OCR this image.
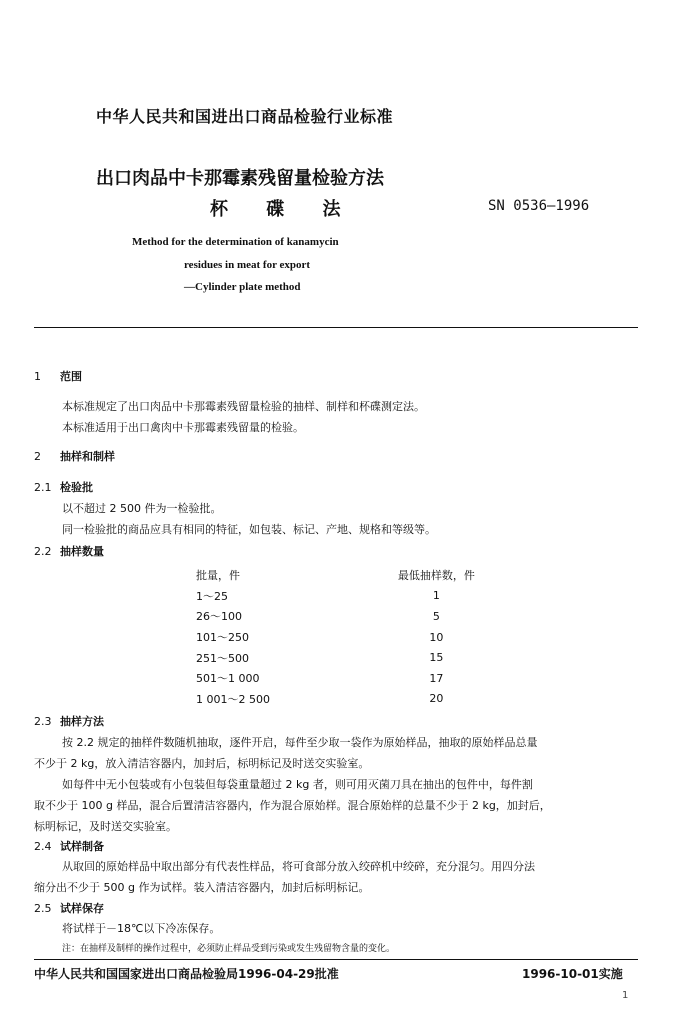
中华人民共和国进出口商品检验行业标准
出口肉品中卡那霉素残留量检验方法
杯 碟 法	SN 0536—1996
Method for the determination of kanamycin
residues in meat for export
—Cylinder plate method
1 范围
本标准规定了出口肉品中卡那霉素残留量检验的抽样、制样和杯碟测定法。
本标准适用于出口禽肉中卡那霉素残留量的检验。
2 抽样和制样
2.1 检验批
以不超过 2 500 件为一检验批。
同一检验批的商品应具有相同的特征，如包装、标记、产地、规格和等级等。
2.2 抽样数量
批量，件	最低抽样数，件
1～25	1
26～100	5
101～250	10
251～500	15
501～1 000	17
1 001～2 500	20
2.3 抽样方法
按 2.2 规定的抽样件数随机抽取，逐件开启，每件至少取一袋作为原始样品，抽取的原始样品总量
不少于 2 kg，放入清洁容器内，加封后，标明标记及时送交实验室。
如每件中无小包装或有小包装但每袋重量超过 2 kg 者，则可用灭菌刀具在抽出的包件中，每件割
取不少于 100 g 样品，混合后置清洁容器内，作为混合原始样。混合原始样的总量不少于 2 kg，加封后，
标明标记，及时送交实验室。
2.4 试样制备
从取回的原始样品中取出部分有代表性样品，将可食部分放入绞碎机中绞碎，充分混匀。用四分法
缩分出不少于 500 g 作为试样。装入清洁容器内，加封后标明标记。
2.5 试样保存
将试样于－18℃以下冷冻保存。
注：在抽样及制样的操作过程中，必须防止样品受到污染或发生残留物含量的变化。
中华人民共和国国家进出口商品检验局1996-04-29批准	1996-10-01实施
1
